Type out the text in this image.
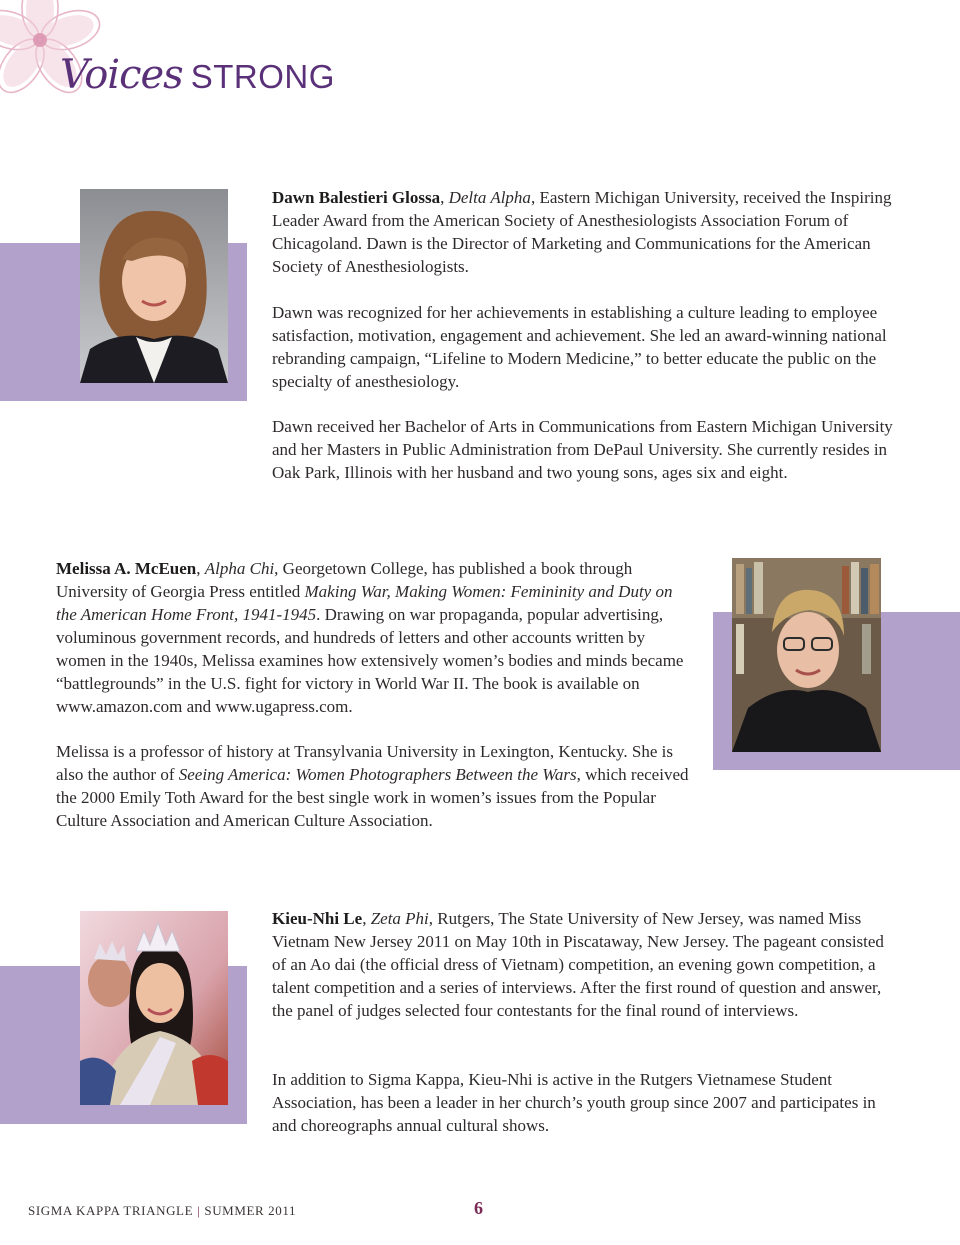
Voices STRONG

Dawn Balestieri Glossa, Delta Alpha, Eastern Michigan University, received the Inspiring Leader Award from the American Society of Anesthesiologists Association Forum of Chicagoland. Dawn is the Director of Marketing and Communications for the American Society of Anesthesiologists.

Dawn was recognized for her achievements in establishing a culture leading to employee satisfaction, motivation, engagement and achievement. She led an award-winning national rebranding campaign, “Lifeline to Modern Medicine,” to better educate the public on the specialty of anesthesiology.

Dawn received her Bachelor of Arts in Communications from Eastern Michigan University and her Masters in Public Administration from DePaul University. She currently resides in Oak Park, Illinois with her husband and two young sons, ages six and eight.

Melissa A. McEuen, Alpha Chi, Georgetown College, has published a book through University of Georgia Press entitled Making War, Making Women: Femininity and Duty on the American Home Front, 1941-1945. Drawing on war propaganda, popular advertising, voluminous government records, and hundreds of letters and other accounts written by women in the 1940s, Melissa examines how extensively women’s bodies and minds became “battlegrounds” in the U.S. fight for victory in World War II. The book is available on www.amazon.com and www.ugapress.com.

Melissa is a professor of history at Transylvania University in Lexington, Kentucky. She is also the author of Seeing America: Women Photographers Between the Wars, which received the 2000 Emily Toth Award for the best single work in women’s issues from the Popular Culture Association and American Culture Association.

Kieu-Nhi Le, Zeta Phi, Rutgers, The State University of New Jersey, was named Miss Vietnam New Jersey 2011 on May 10th in Piscataway, New Jersey. The pageant consisted of an Ao dai (the official dress of Vietnam) competition, an evening gown competition, a talent competition and a series of interviews. After the first round of question and answer, the panel of judges selected four contestants for the final round of interviews.

In addition to Sigma Kappa, Kieu-Nhi is active in the Rutgers Vietnamese Student Association, has been a leader in her church’s youth group since 2007 and participates in and choreographs annual cultural shows.

SIGMA KAPPA TRIANGLE | SUMMER 2011	6
